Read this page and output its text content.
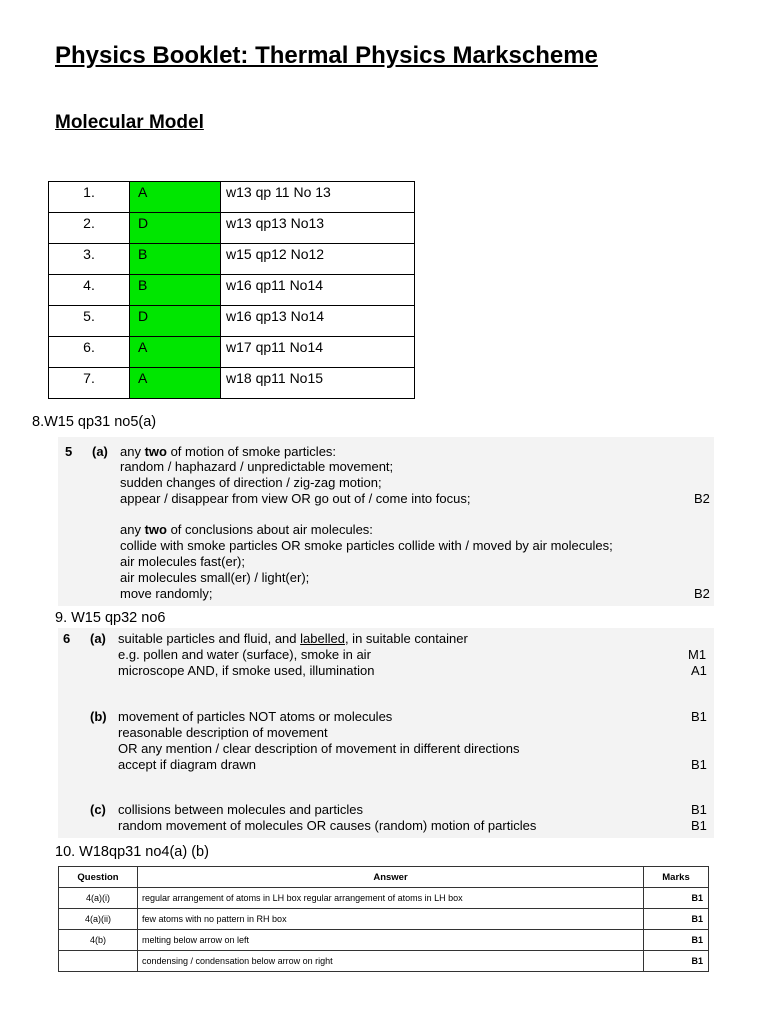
Physics Booklet: Thermal Physics Markscheme
Molecular Model
1.	A	w13 qp 11 No 13
2.	D	w13 qp13 No13
3.	B	w15 qp12 No12
4.	B	w16 qp11 No14
5.	D	w16 qp13 No14
6.	A	w17 qp11 No14
7.	A	w18 qp11 No15
8.W15 qp31 no5(a)
5 (a) any two of motion of smoke particles:
random / haphazard / unpredictable movement;
sudden changes of direction / zig-zag motion;
appear / disappear from view OR go out of / come into focus;	B2
any two of conclusions about air molecules:
collide with smoke particles OR smoke particles collide with / moved by air molecules;
air molecules fast(er);
air molecules small(er) / light(er);
move randomly;	B2
9. W15 qp32 no6
6 (a) suitable particles and fluid, and labelled, in suitable container
e.g. pollen and water (surface), smoke in air	M1
microscope AND, if smoke used, illumination	A1
(b) movement of particles NOT atoms or molecules	B1
reasonable description of movement
OR any mention / clear description of movement in different directions
accept if diagram drawn	B1
(c) collisions between molecules and particles	B1
random movement of molecules OR causes (random) motion of particles	B1
10. W18qp31 no4(a) (b)
Question	Answer	Marks
4(a)(i)	regular arrangement of atoms in LH box regular arrangement of atoms in LH box	B1
4(a)(ii)	few atoms with no pattern in RH box	B1
4(b)	melting below arrow on left	B1
	condensing / condensation below arrow on right	B1
